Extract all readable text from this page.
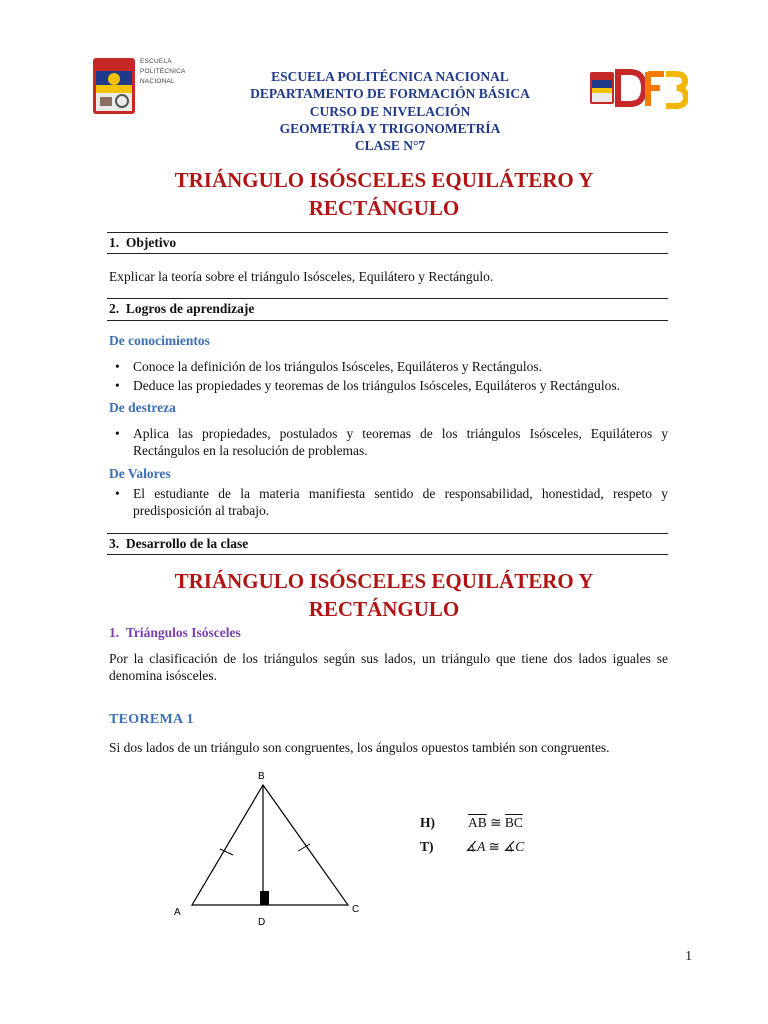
ESCUELA
POLITÉCNICA
NACIONAL	ESCUELA POLITÉCNICA NACIONAL
DEPARTAMENTO DE FORMACIÓN BÁSICA
CURSO DE NIVELACIÓN
GEOMETRÍA Y TRIGONOMETRÍA
CLASE N°7
TRIÁNGULO ISÓSCELES EQUILÁTERO Y
RECTÁNGULO
1.  Objetivo
Explicar la teoría sobre el triángulo Isósceles, Equilátero y Rectángulo.
2.  Logros de aprendizaje
De conocimientos
• Conoce la definición de los triángulos Isósceles, Equiláteros y Rectángulos.
• Deduce las propiedades y teoremas de los triángulos Isósceles, Equiláteros y Rectángulos.
De destreza
• Aplica las propiedades, postulados y teoremas de los triángulos Isósceles, Equiláteros y Rectángulos en la resolución de problemas.
De Valores
• El estudiante de la materia manifiesta sentido de responsabilidad, honestidad, respeto y predisposición al trabajo.
3.  Desarrollo de la clase
TRIÁNGULO ISÓSCELES EQUILÁTERO Y
RECTÁNGULO
1.  Triángulos Isósceles
Por la clasificación de los triángulos según sus lados, un triángulo que tiene dos lados iguales se denomina isósceles.
TEOREMA 1
Si dos lados de un triángulo son congruentes, los ángulos opuestos también son congruentes.
B
A	C
D
H) $\overline{AB}$ ≅ $\overline{BC}$
T) ∡A ≅ ∡C
1
